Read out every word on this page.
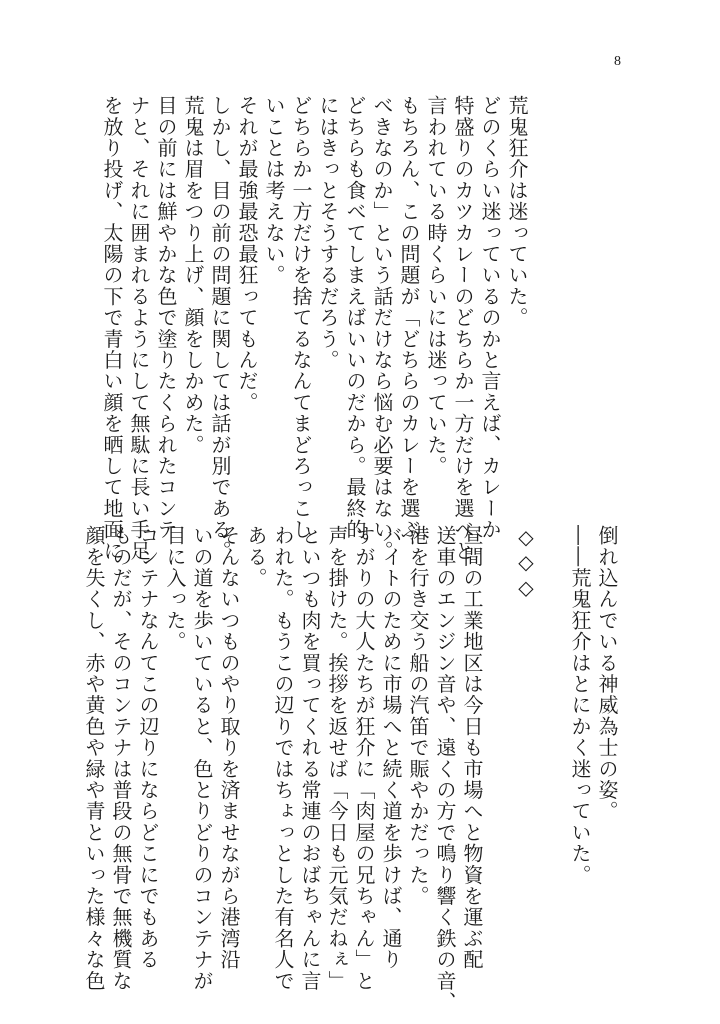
8
荒鬼狂介は迷っていた。
どのくらい迷っているのかと言えば、カレーか
特盛りのカツカレーのどちらか一方だけを選べと
言われている時くらいには迷っていた。
もちろん、この問題が「どちらのカレーを選ぶ
べきなのか」という話だけなら悩む必要はない。
どちらも食べてしまえばいいのだから。最終的
にはきっとそうするだろう。
どちらか一方だけを捨てるなんてまどろっこし
いことは考えない。
それが最強最恐最狂ってもんだ。
しかし、目の前の問題に関しては話が別である。
荒鬼は眉をつり上げ、顔をしかめた。
目の前には鮮やかな色で塗りたくられたコンテ
ナと、それに囲まれるようにして無駄に長い手足
を放り投げ、太陽の下で青白い顔を晒して地面に
倒れ込んでいる神威為士の姿。
――荒鬼狂介はとにかく迷っていた。
◇◇◇
昼間の工業地区は今日も市場へと物資を運ぶ配
送車のエンジン音や、遠くの方で鳴り響く鉄の音、
港を行き交う船の汽笛で賑やかだった。
バイトのために市場へと続く道を歩けば、通り
すがりの大人たちが狂介に「肉屋の兄ちゃん」と
声を掛けた。挨拶を返せば「今日も元気だねぇ」
といつも肉を買ってくれる常連のおばちゃんに言
われた。もうこの辺りではちょっとした有名人で
ある。
そんないつものやり取りを済ませながら港湾沿
いの道を歩いていると、色とりどりのコンテナが
目に入った。
コンテナなんてこの辺りにならどこにでもある
ものだが、そのコンテナは普段の無骨で無機質な
顔を失くし、赤や黄色や緑や青といった様々な色
